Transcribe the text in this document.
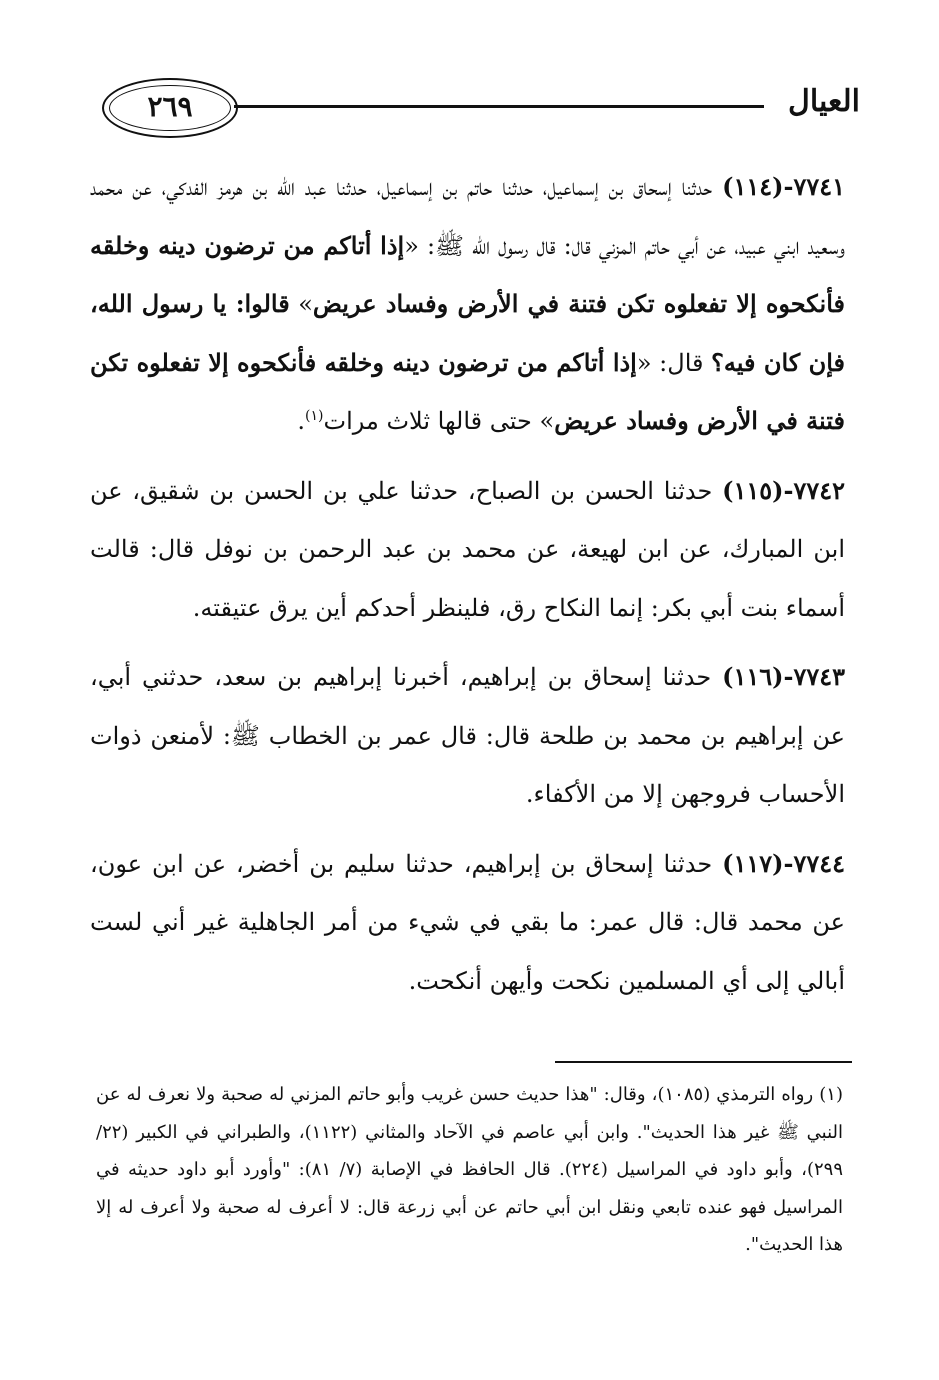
٢٦٩	العيال

٧٧٤١-(١١٤) حدثنا إسحاق بن إسماعيل، حدثنا حاتم بن إسماعيل، حدثنا عبد الله بن هرمز الفدكي، عن محمد وسعيد ابني عبيد، عن أبي حاتم المزني قال: قال رسول الله ﷺ: «إذا أتاكم من ترضون دينه وخلقه فأنكحوه إلا تفعلوه تكن فتنة في الأرض وفساد عريض» قالوا: يا رسول الله، فإن كان فيه؟ قال: «إذا أتاكم من ترضون دينه وخلقه فأنكحوه إلا تفعلوه تكن فتنة في الأرض وفساد عريض» حتى قالها ثلاث مرات$^{(١)}$.

٧٧٤٢-(١١٥) حدثنا الحسن بن الصباح، حدثنا علي بن الحسن بن شقيق، عن ابن المبارك، عن ابن لهيعة، عن محمد بن عبد الرحمن بن نوفل قال: قالت أسماء بنت أبي بكر: إنما النكاح رق، فلينظر أحدكم أين يرق عتيقته.

٧٧٤٣-(١١٦) حدثنا إسحاق بن إبراهيم، أخبرنا إبراهيم بن سعد، حدثني أبي، عن إبراهيم بن محمد بن طلحة قال: قال عمر بن الخطاب ﷺ: لأمنعن ذوات الأحساب فروجهن إلا من الأكفاء.

٧٧٤٤-(١١٧) حدثنا إسحاق بن إبراهيم، حدثنا سليم بن أخضر، عن ابن عون، عن محمد قال: قال عمر: ما بقي في شيء من أمر الجاهلية غير أني لست أبالي إلى أي المسلمين نكحت وأيهن أنكحت.

(١) رواه الترمذي (١٠٨٥)، وقال: "هذا حديث حسن غريب وأبو حاتم المزني له صحبة ولا نعرف له عن النبي ﷺ غير هذا الحديث". وابن أبي عاصم في الآحاد والمثاني (١١٢٢)، والطبراني في الكبير (٢٢/ ٢٩٩)، وأبو داود في المراسيل (٢٢٤). قال الحافظ في الإصابة (٧/ ٨١): "وأورد أبو داود حديثه في المراسيل فهو عنده تابعي ونقل ابن أبي حاتم عن أبي زرعة قال: لا أعرف له صحبة ولا أعرف له إلا هذا الحديث".
